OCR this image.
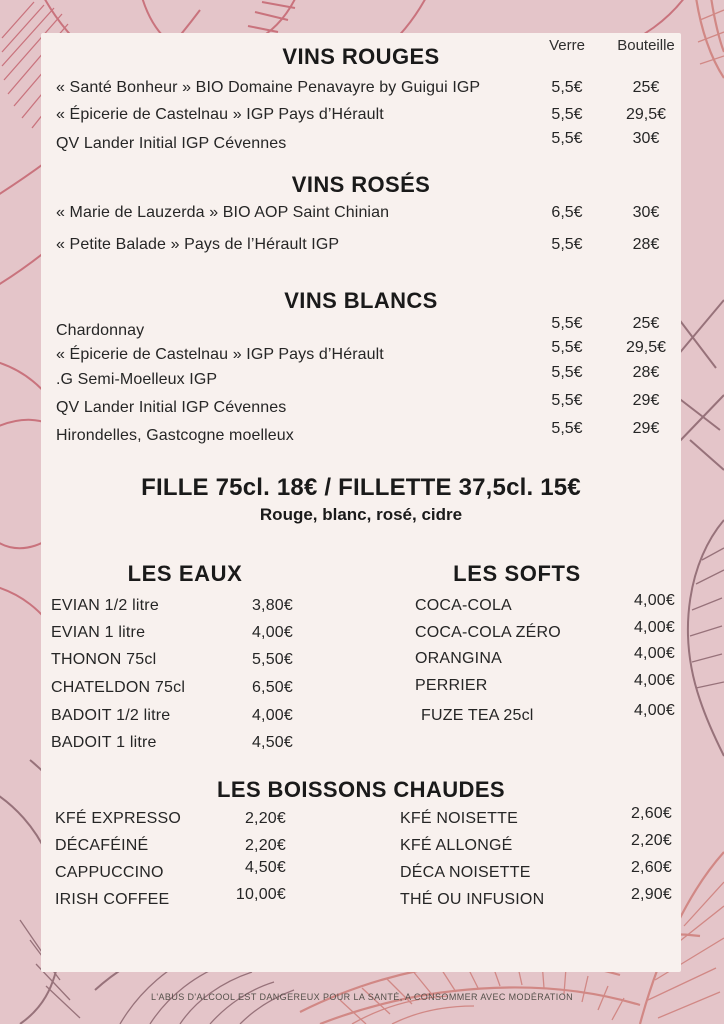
Verre	Bouteille
VINS ROUGES
« Santé Bonheur » BIO Domaine Penavayre by Guigui IGP	5,5€	25€
« Épicerie de Castelnau » IGP Pays d’Hérault	5,5€	29,5€
QV Lander Initial IGP Cévennes	5,5€	30€
VINS ROSÉS
« Marie de Lauzerda » BIO AOP Saint Chinian	6,5€	30€
« Petite Balade » Pays de l’Hérault IGP	5,5€	28€
VINS BLANCS
Chardonnay	5,5€	25€
« Épicerie de Castelnau » IGP Pays d’Hérault	5,5€	29,5€
.G Semi-Moelleux IGP	5,5€	28€
QV Lander Initial IGP Cévennes	5,5€	29€
Hirondelles, Gastcogne moelleux	5,5€	29€
FILLE 75cl. 18€ / FILLETTE 37,5cl. 15€
Rouge, blanc, rosé, cidre
LES EAUX
EVIAN 1/2 litre	3,80€
EVIAN 1 litre	4,00€
THONON 75cl	5,50€
CHATELDON 75cl	6,50€
BADOIT 1/2 litre	4,00€
BADOIT 1 litre	4,50€
LES SOFTS
COCA-COLA	4,00€
COCA-COLA ZÉRO	4,00€
ORANGINA	4,00€
PERRIER	4,00€
FUZE TEA 25cl	4,00€
LES BOISSONS CHAUDES
KFÉ EXPRESSO	2,20€
DÉCAFÉINÉ	2,20€
CAPPUCCINO	4,50€
IRISH COFFEE	10,00€
KFÉ NOISETTE	2,60€
KFÉ ALLONGÉ	2,20€
DÉCA NOISETTE	2,60€
THÉ OU INFUSION	2,90€
L'ABUS D'ALCOOL EST DANGEREUX POUR LA SANTÉ, A CONSOMMER AVEC MODÉRATION
